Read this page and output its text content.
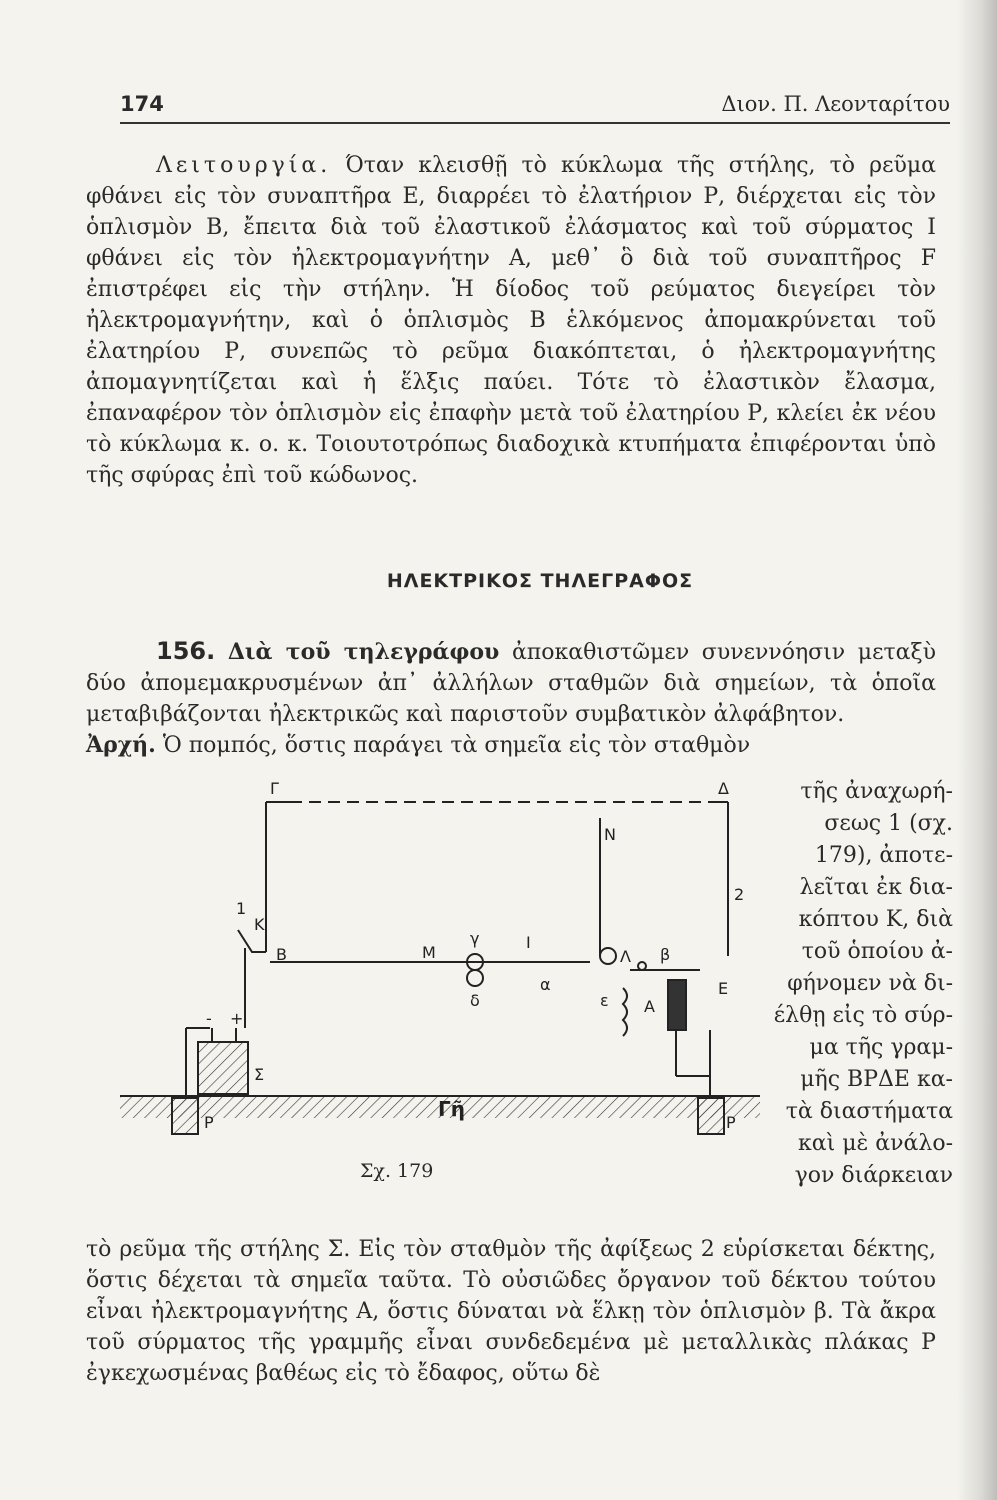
174	Διον. Π. Λεονταρίτου

Λειτουργία. Όταν κλεισθῇ τὸ κύκλωμα τῆς στήλης, τὸ ρεῦμα φθάνει εἰς τὸν συναπτῆρα Ε, διαρρέει τὸ ἐλατήριον Ρ, διέρχεται εἰς τὸν ὁπλισμὸν Β, ἔπειτα διὰ τοῦ ἐλαστικοῦ ἐλάσματος καὶ τοῦ σύρματος Ι φθάνει εἰς τὸν ἠλεκτρομαγνήτην Α, μεθ᾽ ὃ διὰ τοῦ συναπτῆρος F ἐπιστρέφει εἰς τὴν στήλην. Ἡ δίοδος τοῦ ρεύματος διεγείρει τὸν ἠλεκτρομαγνήτην, καὶ ὁ ὁπλισμὸς Β ἑλκόμενος ἀπομακρύνεται τοῦ ἐλατηρίου Ρ, συνεπῶς τὸ ρεῦμα διακόπτεται, ὁ ἠλεκτρομαγνήτης ἀπομαγνητίζεται καὶ ἡ ἕλξις παύει. Τότε τὸ ἐλαστικὸν ἔλασμα, ἐπαναφέρον τὸν ὁπλισμὸν εἰς ἐπαφὴν μετὰ τοῦ ἐλατηρίου Ρ, κλείει ἐκ νέου τὸ κύκλωμα κ. ο. κ. Τοιουτοτρόπως διαδοχικὰ κτυπήματα ἐπιφέρονται ὑπὸ τῆς σφύρας ἐπὶ τοῦ κώδωνος.

ΗΛΕΚΤΡΙΚΟΣ ΤΗΛΕΓΡΑΦΟΣ

156. Διὰ τοῦ τηλεγράφου ἀποκαθιστῶμεν συνεννόησιν μεταξὺ δύο ἀπομεμακρυσμένων ἀπ᾽ ἀλλήλων σταθμῶν διὰ σημείων, τὰ ὁποῖα μεταβιβάζονται ἠλεκτρικῶς καὶ παριστοῦν συμβατικὸν ἀλφάβητον.
Ἀρχή. Ὁ πομπός, ὅστις παράγει τὰ σημεῖα εἰς τὸν σταθμὸν

τῆς ἀναχωρή-
σεως 1 (σχ.
179), ἀποτε-
λεῖται ἐκ δια-
κόπτου Κ, διὰ
τοῦ ὁποίου ἀ-
φήνομεν νὰ δι-
έλθῃ εἰς τὸ σύρ-
μα τῆς γραμ-
μῆς ΒΡΔΕ κα-
τὰ διαστήματα
καὶ μὲ ἀνάλο-
γον διάρκειαν
Γ	Δ
1
2
Κ
Β
Ν
Λ
Μ
Ι
γ
δ
α
ε Α
Ε
β
Σ
- +
Γῆ
Ρ	Ρ
Σχ. 179

τὸ ρεῦμα τῆς στήλης Σ. Εἰς τὸν σταθμὸν τῆς ἀφίξεως 2 εὑρίσκεται δέκτης, ὅστις δέχεται τὰ σημεῖα ταῦτα. Τὸ οὐσιῶδες ὄργανον τοῦ δέκτου τούτου εἶναι ἠλεκτρομαγνήτης Α, ὅστις δύναται νὰ ἕλκῃ τὸν ὁπλισμὸν β. Τὰ ἄκρα τοῦ σύρματος τῆς γραμμῆς εἶναι συνδεδεμένα μὲ μεταλλικὰς πλάκας Ρ ἐγκεχωσμένας βαθέως εἰς τὸ ἔδαφος, οὕτω δὲ
